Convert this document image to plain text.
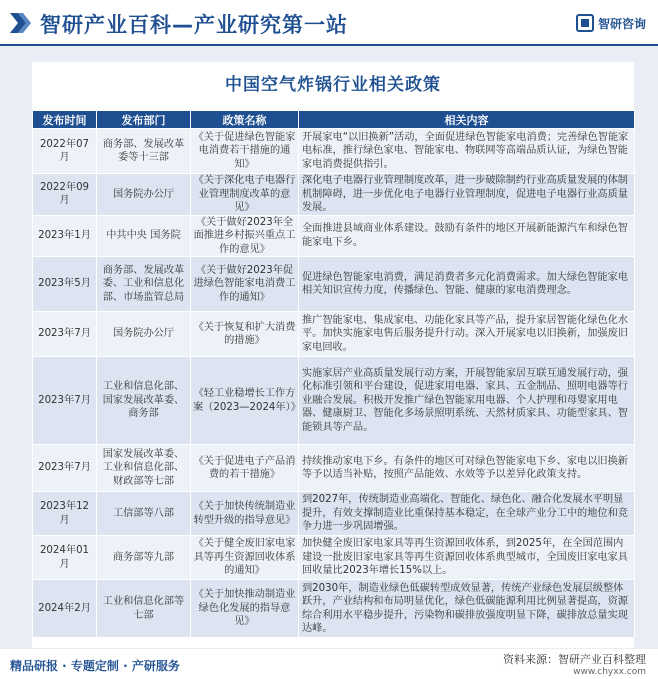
智研产业百科—产业研究第一站	智研咨询
中国空气炸锅行业相关政策
发布时间	发布部门	政策名称	相关内容
2022年07月	商务部、发展改革委等十三部	《关于促进绿色智能家电消费若干措施的通知》	开展家电“以旧换新”活动，全面促进绿色智能家电消费；完善绿色智能家电标准，推行绿色家电、智能家电、物联网等高端品质认证，为绿色智能家电消费提供指引。
2022年09月	国务院办公厅	《关于深化电子电器行业管理制度改革的意见》	深化电子电器行业管理制度改革，进一步破除制约行业高质量发展的体制机制障碍，进一步优化电子电器行业管理制度，促进电子电器行业高质量发展。
2023年1月	中共中央 国务院	《关于做好2023年全面推进乡村振兴重点工作的意见》	全面推进县域商业体系建设。鼓励有条件的地区开展新能源汽车和绿色智能家电下乡。
2023年5月	商务部、发展改革委、工业和信息化部、市场监管总局	《关于做好2023年促进绿色智能家电消费工作的通知》	促进绿色智能家电消费，满足消费者多元化消费需求。加大绿色智能家电相关知识宣传力度，传播绿色、智能、健康的家电消费理念。
2023年7月	国务院办公厅	《关于恢复和扩大消费的措施》	推广智能家电、集成家电、功能化家具等产品，提升家居智能化绿色化水平。加快实施家电售后服务提升行动。深入开展家电以旧换新，加强废旧家电回收。
2023年7月	工业和信息化部、国家发展改革委、商务部	《轻工业稳增长工作方案（2023—2024年）》	实施家居产业高质量发展行动方案，开展智能家居互联互通发展行动，强化标准引领和平台建设，促进家用电器、家具、五金制品、照明电器等行业融合发展。积极开发推广绿色智能家用电器、个人护理和母婴家用电器、健康厨卫、智能化多场景照明系统、天然材质家具、功能型家具、智能锁具等产品。
2023年7月	国家发展改革委、工业和信息化部、财政部等七部	《关于促进电子产品消费的若干措施》	持续推动家电下乡。有条件的地区可对绿色智能家电下乡、家电以旧换新等予以适当补贴，按照产品能效、水效等予以差异化政策支持。
2023年12月	工信部等八部	《关于加快传统制造业转型升级的指导意见》	到2027年，传统制造业高端化、智能化、绿色化、融合化发展水平明显提升，有效支撑制造业比重保持基本稳定，在全球产业分工中的地位和竞争力进一步巩固增强。
2024年01月	商务部等九部	《关于健全废旧家电家具等再生资源回收体系的通知》	加快健全废旧家电家具等再生资源回收体系，到2025年，在全国范围内建设一批废旧家电家具等再生资源回收体系典型城市，全国废旧家电家具回收量比2023年增长15%以上。
2024年2月	工业和信息化部等七部	《关于加快推动制造业绿色化发展的指导意见》	到2030年，制造业绿色低碳转型成效显著，传统产业绿色发展层级整体跃升，产业结构和布局明显优化，绿色低碳能源利用比例显著提高，资源综合利用水平稳步提升，污染物和碳排放强度明显下降，碳排放总量实现达峰。
精品研报 · 专题定制 · 产研服务	资料来源：智研产业百科整理
www.chyxx.com
